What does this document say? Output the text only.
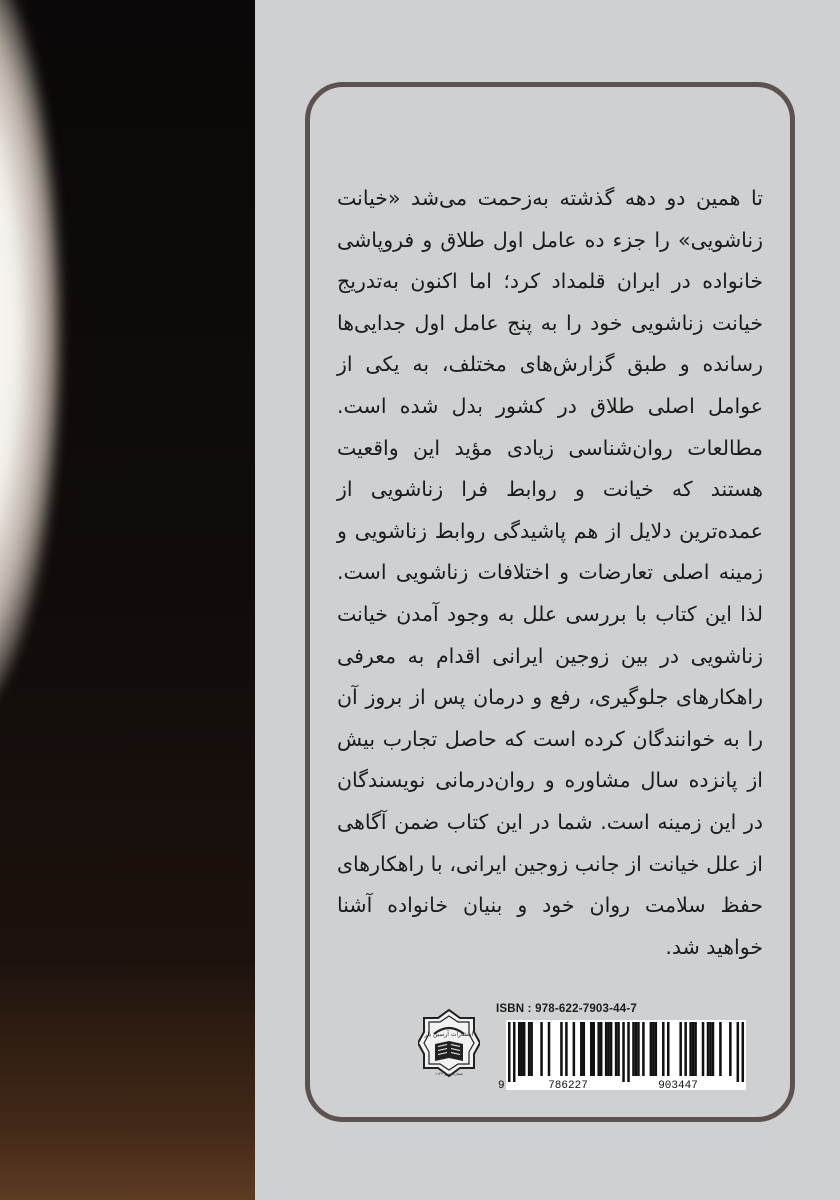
تا همین دو دهه گذشته به‌زحمت می‌شد «خیانت زناشویی» را جزء ده عامل اول طلاق و فروپاشی خانواده در ایران قلمداد کرد؛ اما اکنون به‌تدریج خیانت زناشویی خود را به پنج عامل اول جدایی‌ها رسانده و طبق گزارش‌های مختلف، به یکی از عوامل اصلی طلاق در کشور بدل شده است. مطالعات روان‌شناسی زیادی مؤید این واقعیت هستند که خیانت و روابط فرا زناشویی از عمده‌ترین دلایل از هم پاشیدگی روابط زناشویی و زمینه اصلی تعارضات و اختلافات زناشویی است. لذا این کتاب با بررسی علل به وجود آمدن خیانت زناشویی در بین زوجین ایرانی اقدام به معرفی راهکارهای جلوگیری، رفع و درمان پس از بروز آن را به خوانندگان کرده است که حاصل تجارب بیش از پانزده سال مشاوره و روان‌درمانی نویسندگان در این زمینه است. شما در این کتاب ضمن آگاهی از علل خیانت از جانب زوجین ایرانی، با راهکارهای حفظ سلامت روان خود و بنیان خانواده آشنا خواهید شد.

انتشارات آرسین یار
شماره مجوز ۱۱۲۳
ISBN : 978-622-7903-44-7
9	786227	903447
